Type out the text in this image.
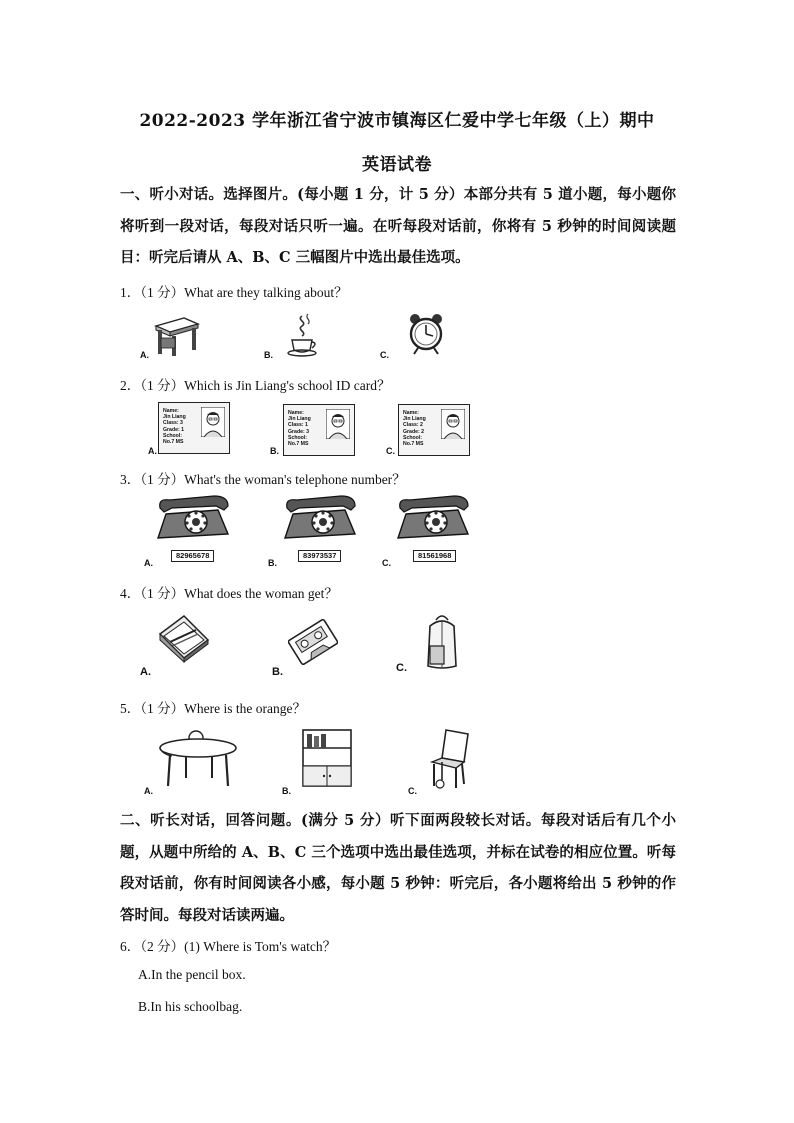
2022-2023 学年浙江省宁波市镇海区仁爱中学七年级（上）期中
英语试卷
一、听小对话。选择图片。(每小题 1 分，计 5 分）本部分共有 5 道小题，每小题你将听到一段对话，每段对话只听一遍。在听每段对话前，你将有 5 秒钟的时间阅读题目：听完后请从 A、B、C 三幅图片中选出最佳选项。
1．（1 分）What are they talking about？
A.	B.	C.
2．（1 分）Which is Jin Liang's school ID card？
Name:
Jin Liang
Class: 3
Grade: 1
School:
No.7 MS
A.
Name:
Jin Liang
Class: 1
Grade: 3
School:
No.7 MS
B.
Name:
Jin Liang
Class: 2
Grade: 2
School:
No.7 MS
C.
3．（1 分）What's the woman's telephone number？
82965678
A.
83973537
B.
81561968
C.
4．（1 分）What does the woman get？
A.	B.	C.
5．（1 分）Where is the orange？
A.	B.	C.
二、听长对话，回答问题。(满分 5 分）听下面两段较长对话。每段对话后有几个小题，从题中所给的 A、B、C 三个选项中选出最佳选项，并标在试卷的相应位置。听每段对话前，你有时间阅读各小感，每小题 5 秒钟：听完后，各小题将给出 5 秒钟的作答时间。每段对话读两遍。
6．（2 分）(1) Where is Tom's watch？
A.In the pencil box.
B.In his schoolbag.
